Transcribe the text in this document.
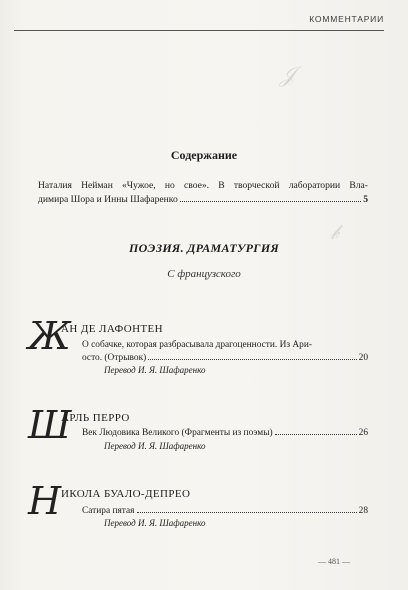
КОММЕНТАРИИ
𝒥
𝒷
Содержание
Наталия Нейман «Чужое, но свое». В творческой лаборатории Вла-
димира Шора и Инны Шафаренко	5
ПОЭЗИЯ. ДРАМАТУРГИЯ
С французского
Ж
АН ДЕ ЛАФОНТЕН
О собачке, которая разбрасывала драгоценности. Из Ари-
осто. (Отрывок)	20
Перевод И. Я. Шафаренко
Ш
АРЛЬ ПЕРРО
Век Людовика Великого (Фрагменты из поэмы)	26
Перевод И. Я. Шафаренко
Н ИКОЛА БУАЛО-ДЕПРЕО
Сатира пятая	28
Перевод И. Я. Шафаренко
— 481 —
